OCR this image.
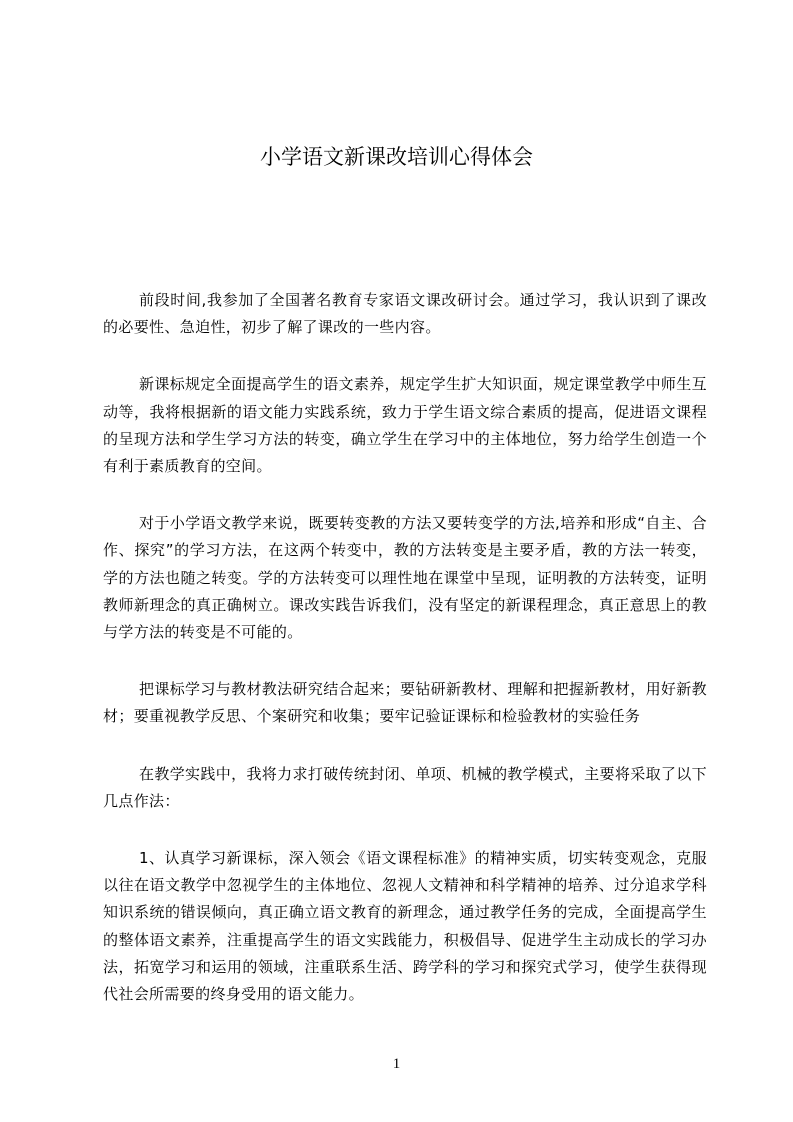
小学语文新课改培训心得体会

前段时间,我参加了全国著名教育专家语文课改研讨会。通过学习，我认识到了课改的必要性、急迫性，初步了解了课改的一些内容。

新课标规定全面提高学生的语文素养，规定学生扩大知识面，规定课堂教学中师生互动等，我将根据新的语文能力实践系统，致力于学生语文综合素质的提高，促进语文课程的呈现方法和学生学习方法的转变，确立学生在学习中的主体地位，努力给学生创造一个有利于素质教育的空间。

对于小学语文教学来说，既要转变教的方法又要转变学的方法,培养和形成“自主、合作、探究”的学习方法，在这两个转变中，教的方法转变是主要矛盾，教的方法一转变，学的方法也随之转变。学的方法转变可以理性地在课堂中呈现，证明教的方法转变，证明教师新理念的真正确树立。课改实践告诉我们，没有坚定的新课程理念，真正意思上的教与学方法的转变是不可能的。

把课标学习与教材教法研究结合起来；要钻研新教材、理解和把握新教材，用好新教材；要重视教学反思、个案研究和收集；要牢记验证课标和检验教材的实验任务

在教学实践中，我将力求打破传统封闭、单项、机械的教学模式，主要将采取了以下几点作法：

1、认真学习新课标，深入领会《语文课程标准》的精神实质，切实转变观念，克服以往在语文教学中忽视学生的主体地位、忽视人文精神和科学精神的培养、过分追求学科知识系统的错误倾向，真正确立语文教育的新理念，通过教学任务的完成，全面提高学生的整体语文素养，注重提高学生的语文实践能力，积极倡导、促进学生主动成长的学习办法，拓宽学习和运用的领域，注重联系生活、跨学科的学习和探究式学习，使学生获得现代社会所需要的终身受用的语文能力。

1
